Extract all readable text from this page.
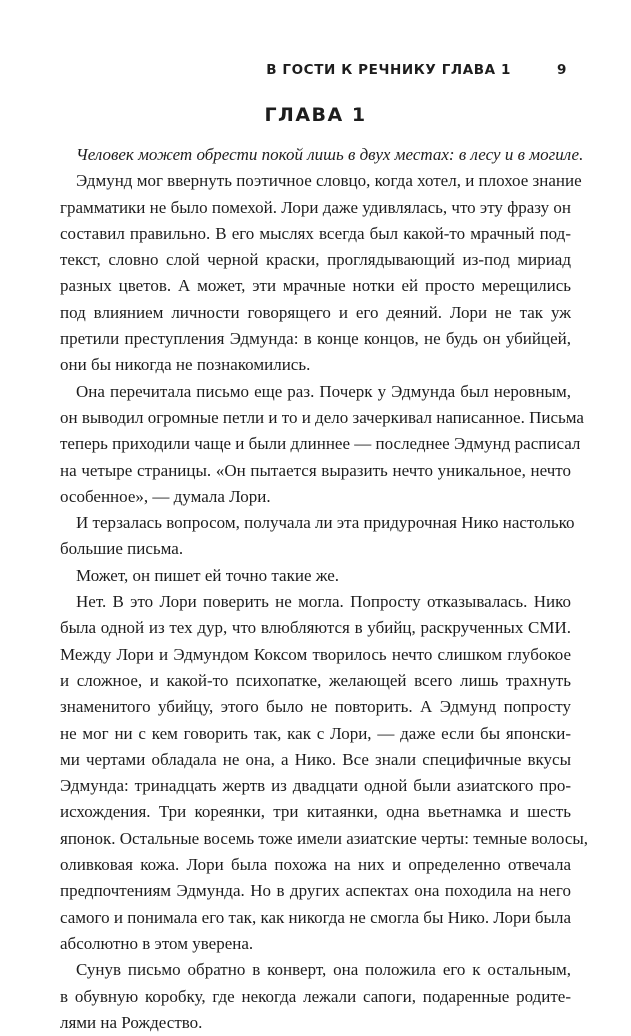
В ГОСТИ К РЕЧНИКУ ГЛАВА 1	9
ГЛАВА 1
Человек может обрести покой лишь в двух местах: в лесу и в могиле.
Эдмунд мог ввернуть поэтичное словцо, когда хотел, и плохое знание
грамматики не было помехой. Лори даже удивлялась, что эту фразу он
составил правильно. В его мыслях всегда был какой-то мрачный под-
текст, словно слой черной краски, проглядывающий из-под мириад
разных цветов. А может, эти мрачные нотки ей просто мерещились
под влиянием личности говорящего и его деяний. Лори не так уж
претили преступления Эдмунда: в конце концов, не будь он убийцей,
они бы никогда не познакомились.
Она перечитала письмо еще раз. Почерк у Эдмунда был неровным,
он выводил огромные петли и то и дело зачеркивал написанное. Письма
теперь приходили чаще и были длиннее — последнее Эдмунд расписал
на четыре страницы. «Он пытается выразить нечто уникальное, нечто
особенное», — думала Лори.
И терзалась вопросом, получала ли эта придурочная Нико настолько
большие письма.
Может, он пишет ей точно такие же.
Нет. В это Лори поверить не могла. Попросту отказывалась. Нико
была одной из тех дур, что влюбляются в убийц, раскрученных СМИ.
Между Лори и Эдмундом Коксом творилось нечто слишком глубокое
и сложное, и какой-то психопатке, желающей всего лишь трахнуть
знаменитого убийцу, этого было не повторить. А Эдмунд попросту
не мог ни с кем говорить так, как с Лори, — даже если бы японски-
ми чертами обладала не она, а Нико. Все знали специфичные вкусы
Эдмунда: тринадцать жертв из двадцати одной были азиатского про-
исхождения. Три кореянки, три китаянки, одна вьетнамка и шесть
японок. Остальные восемь тоже имели азиатские черты: темные волосы,
оливковая кожа. Лори была похожа на них и определенно отвечала
предпочтениям Эдмунда. Но в других аспектах она походила на него
самого и понимала его так, как никогда не смогла бы Нико. Лори была
абсолютно в этом уверена.
Сунув письмо обратно в конверт, она положила его к остальным,
в обувную коробку, где некогда лежали сапоги, подаренные родите-
лями на Рождество.
